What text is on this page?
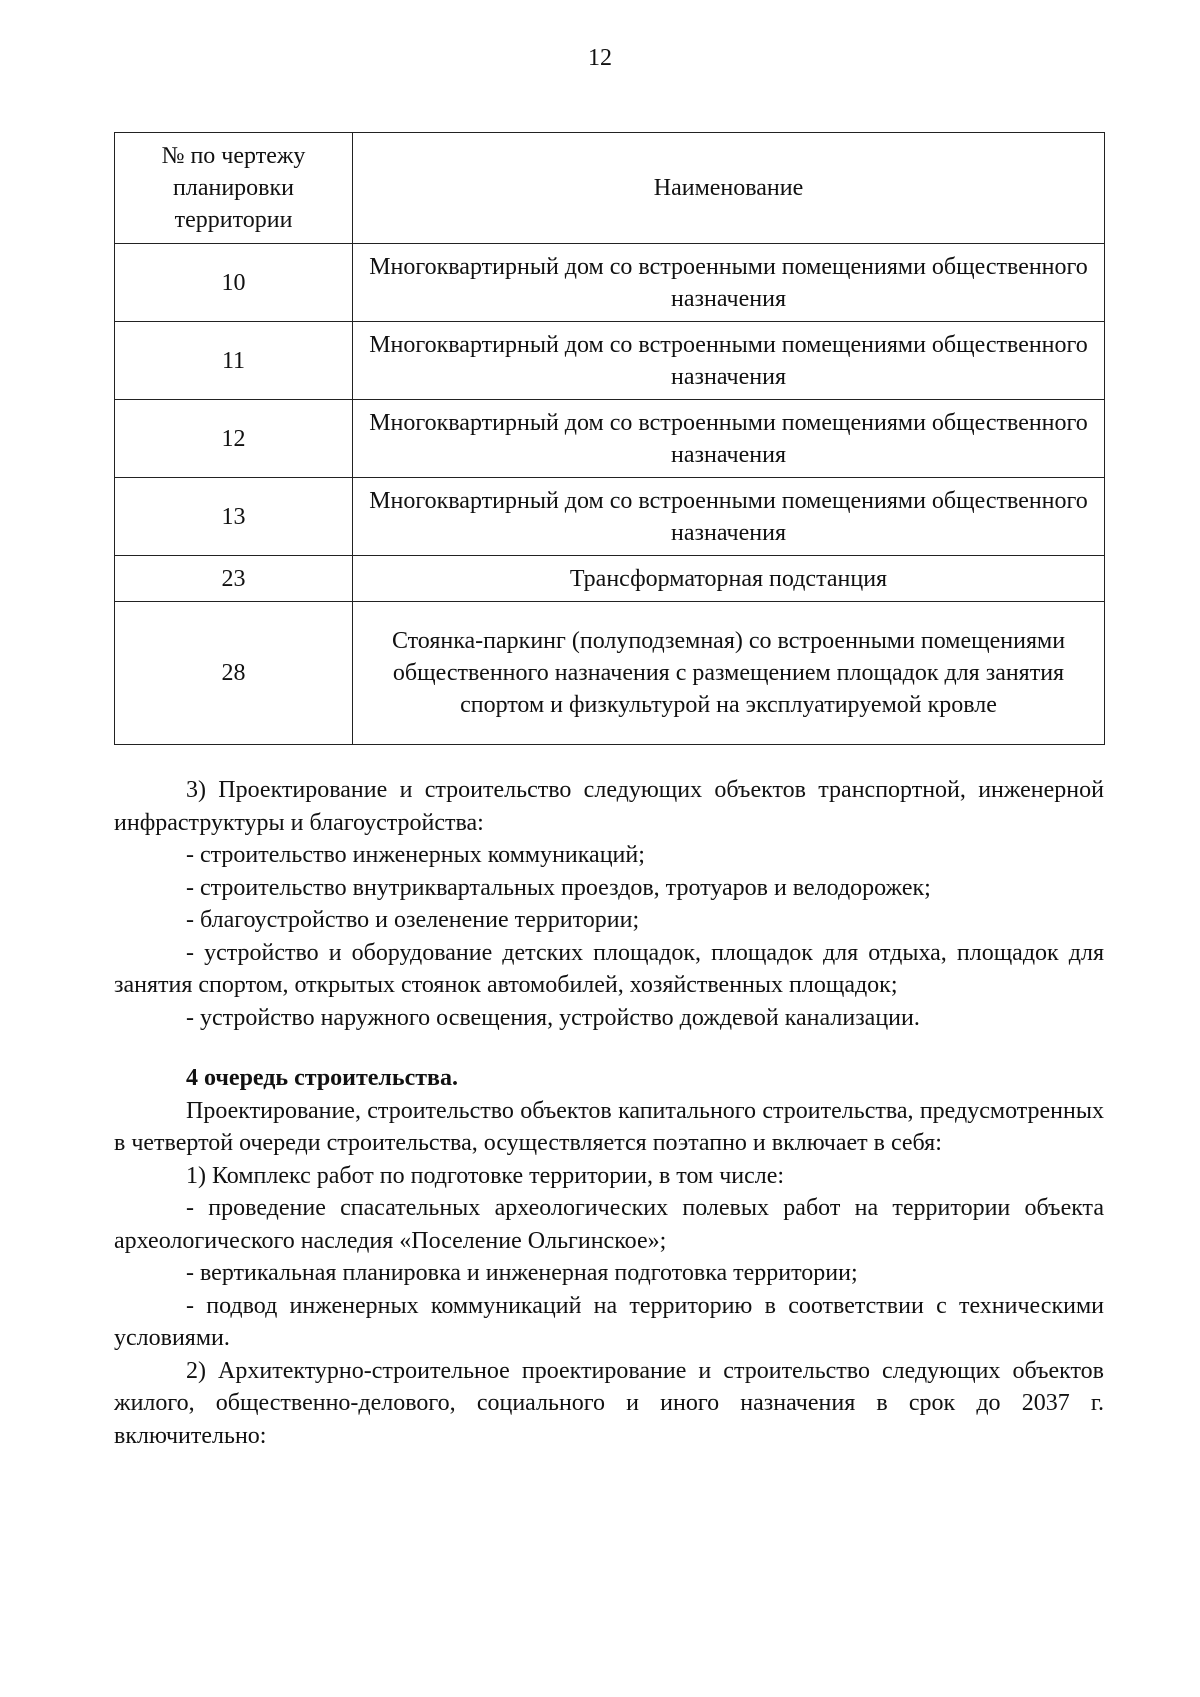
12
№ по чертежу планировки территории	Наименование
10	Многоквартирный дом со встроенными помещениями общественного назначения
11	Многоквартирный дом со встроенными помещениями общественного назначения
12	Многоквартирный дом со встроенными помещениями общественного назначения
13	Многоквартирный дом со встроенными помещениями общественного назначения
23	Трансформаторная подстанция
28	Стоянка-паркинг (полуподземная) со встроенными помещениями общественного назначения с размещением площадок для занятия спортом и физкультурой на эксплуатируемой кровле

3) Проектирование и строительство следующих объектов транспортной, инженерной инфраструктуры и благоустройства:

- строительство инженерных коммуникаций;

- строительство внутриквартальных проездов, тротуаров и велодорожек;

- благоустройство и озеленение территории;

- устройство и оборудование детских площадок, площадок для отдыха, площадок для занятия спортом, открытых стоянок автомобилей, хозяйственных площадок;

- устройство наружного освещения, устройство дождевой канализации.

4 очередь строительства.

Проектирование, строительство объектов капитального строительства, предусмотренных в четвертой очереди строительства, осуществляется поэтапно и включает в себя:

1) Комплекс работ по подготовке территории, в том числе:

- проведение спасательных археологических полевых работ на территории объекта археологического наследия «Поселение Ольгинское»;

- вертикальная планировка и инженерная подготовка территории;

- подвод инженерных коммуникаций на территорию в соответствии с техническими условиями.

2) Архитектурно-строительное проектирование и строительство следующих объектов жилого, общественно-делового, социального и иного назначения в срок до 2037 г. включительно:
